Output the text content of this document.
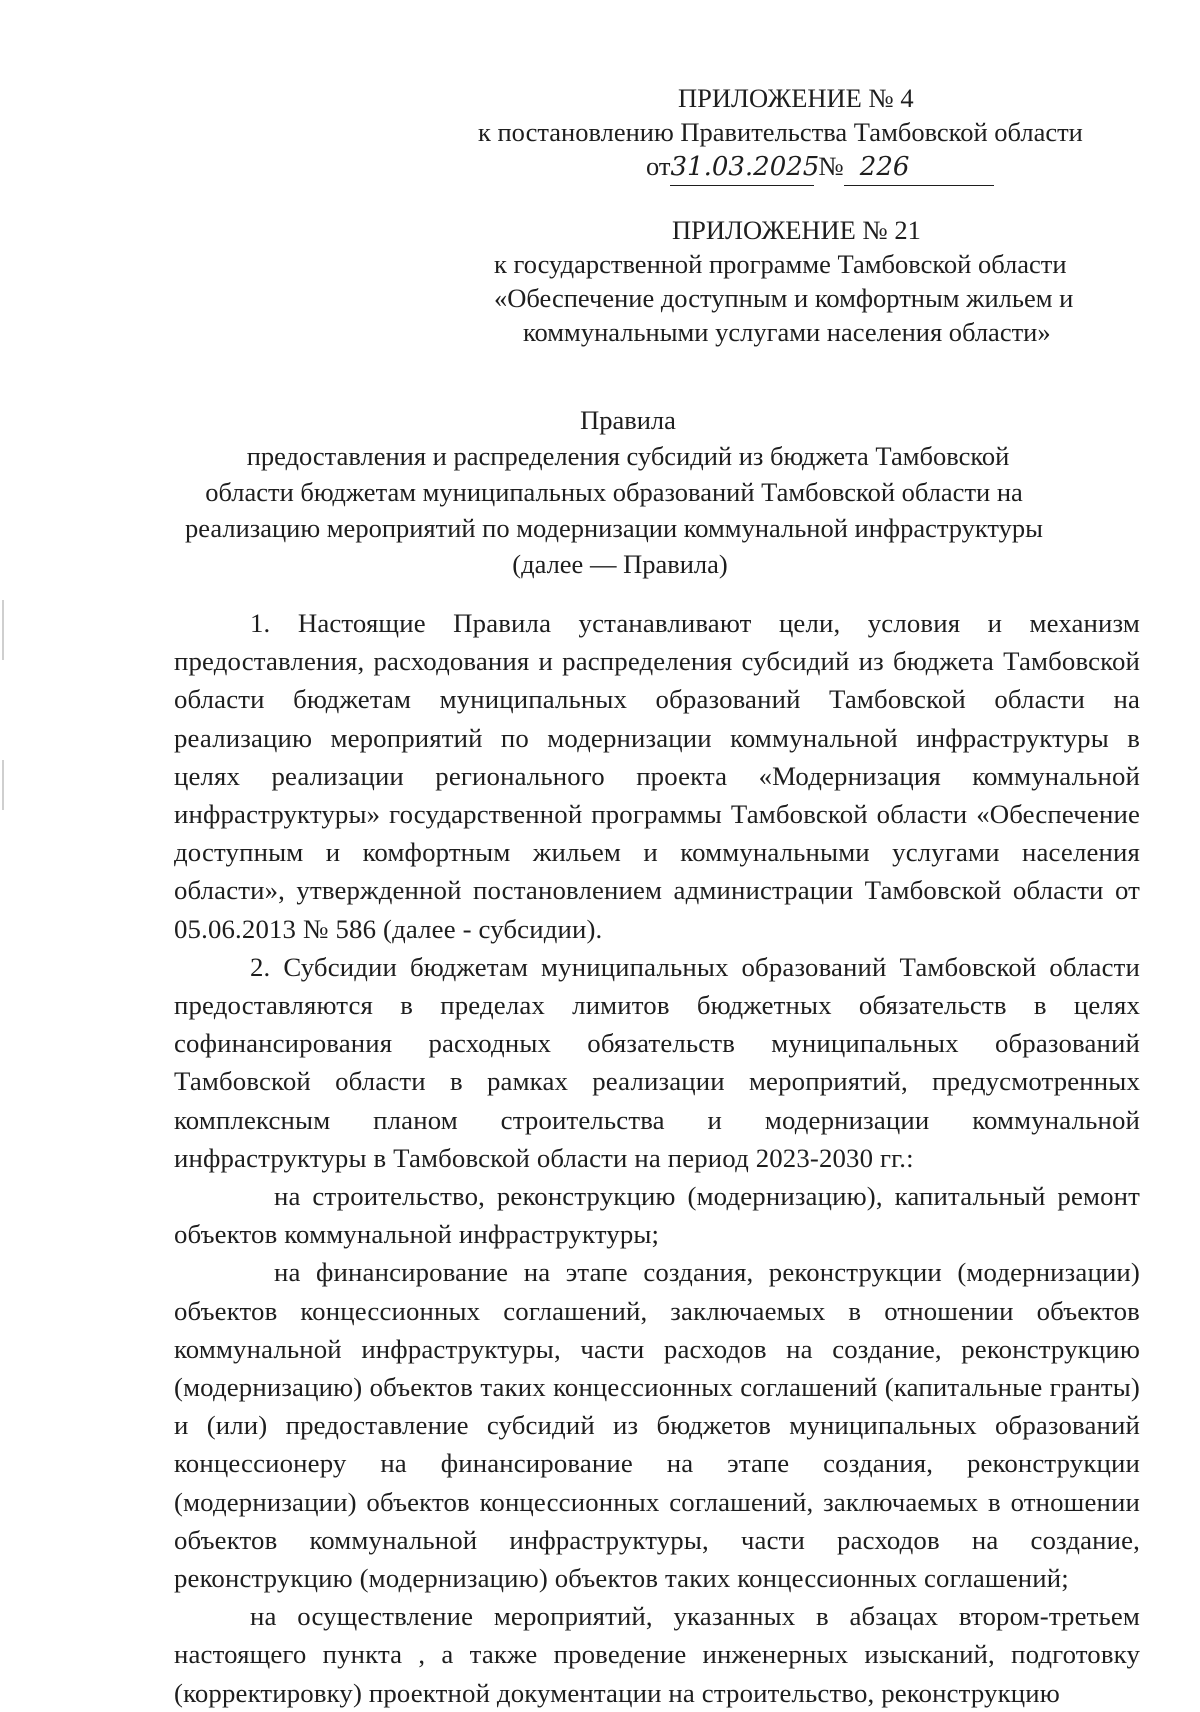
ПРИЛОЖЕНИЕ № 4
к постановлению Правительства Тамбовской области
от31.03.2025№ 226
ПРИЛОЖЕНИЕ № 21
к государственной программе Тамбовской области
«Обеспечение доступным и комфортным жильем и
коммунальными услугами населения области»
Правила
предоставления и распределения субсидий из бюджета Тамбовской
области бюджетам муниципальных образований Тамбовской области на
реализацию мероприятий по модернизации коммунальной инфраструктуры
(далее — Правила)

1. Настоящие Правила устанавливают цели, условия и механизм предоставления, расходования и распределения субсидий из бюджета Тамбовской области бюджетам муниципальных образований Тамбовской области на реализацию мероприятий по модернизации коммунальной инфраструктуры в целях реализации регионального проекта «Модернизация коммунальной инфраструктуры» государственной программы Тамбовской области «Обеспечение доступным и комфортным жильем и коммунальными услугами населения области», утвержденной постановлением администрации Тамбовской области от 05.06.2013 № 586 (далее - субсидии).

2. Субсидии бюджетам муниципальных образований Тамбовской области предоставляются в пределах лимитов бюджетных обязательств в целях софинансирования расходных обязательств муниципальных образований Тамбовской области в рамках реализации мероприятий, предусмотренных комплексным планом строительства и модернизации коммунальной инфраструктуры в Тамбовской области на период 2023-2030 гг.:

на строительство, реконструкцию (модернизацию), капитальный ремонт объектов коммунальной инфраструктуры;

на финансирование на этапе создания, реконструкции (модернизации) объектов концессионных соглашений, заключаемых в отношении объектов коммунальной инфраструктуры, части расходов на создание, реконструкцию (модернизацию) объектов таких концессионных соглашений (капитальные гранты) и (или) предоставление субсидий из бюджетов муниципальных образований концессионеру на финансирование на этапе создания, реконструкции (модернизации) объектов концессионных соглашений, заключаемых в отношении объектов коммунальной инфраструктуры, части расходов на создание, реконструкцию (модернизацию) объектов таких концессионных соглашений;

на осуществление мероприятий, указанных в абзацах втором-третьем настоящего пункта , а также проведение инженерных изысканий, подготовку (корректировку) проектной документации на строительство, реконструкцию
